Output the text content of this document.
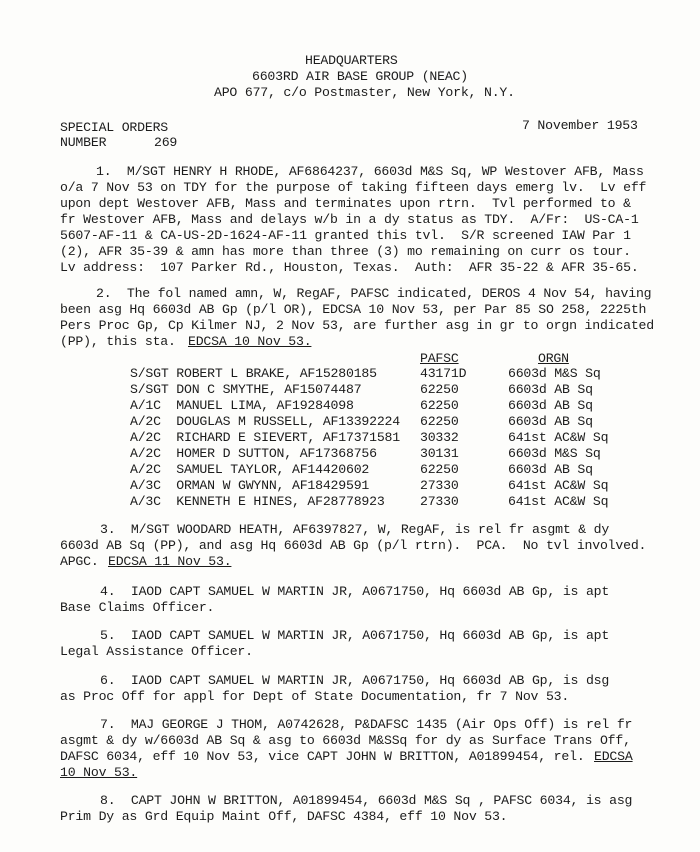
HEADQUARTERS
6603RD AIR BASE GROUP (NEAC)
APO 677, c/o Postmaster, New York, N.Y.
SPECIAL ORDERS	7 November 1953
NUMBER	269
1.  M/SGT HENRY H RHODE, AF6864237, 6603d M&S Sq, WP Westover AFB, Mass
o/a 7 Nov 53 on TDY for the purpose of taking fifteen days emerg lv.  Lv eff
upon dept Westover AFB, Mass and terminates upon rtrn.  Tvl performed to &
fr Westover AFB, Mass and delays w/b in a dy status as TDY.  A/Fr:  US-CA-1
5607-AF-11 & CA-US-2D-1624-AF-11 granted this tvl.  S/R screened IAW Par 1
(2), AFR 35-39 & amn has more than three (3) mo remaining on curr os tour.
Lv address:  107 Parker Rd., Houston, Texas.  Auth:  AFR 35-22 & AFR 35-65.
2.  The fol named amn, W, RegAF, PAFSC indicated, DEROS 4 Nov 54, having
been asg Hq 6603d AB Gp (p/l OR), EDCSA 10 Nov 53, per Par 85 SO 258, 2225th
Pers Proc Gp, Cp Kilmer NJ, 2 Nov 53, are further asg in gr to orgn indicated
(PP), this sta. EDCSA 10 Nov 53.
PAFSC	ORGN
S/SGT ROBERT L BRAKE, AF15280185	43171D	6603d M&S Sq
S/SGT DON C SMYTHE, AF15074487	62250	6603d AB Sq
A/1C  MANUEL LIMA, AF19284098	62250	6603d AB Sq
A/2C  DOUGLAS M RUSSELL, AF13392224 62250	6603d AB Sq
A/2C  RICHARD E SIEVERT, AF17371581 30332	641st AC&W Sq
A/2C  HOMER D SUTTON, AF17368756	30131	6603d M&S Sq
A/2C  SAMUEL TAYLOR, AF14420602	62250	6603d AB Sq
A/3C  ORMAN W GWYNN, AF18429591	27330	641st AC&W Sq
A/3C  KENNETH E HINES, AF28778923	27330	641st AC&W Sq
3.  M/SGT WOODARD HEATH, AF6397827, W, RegAF, is rel fr asgmt & dy
6603d AB Sq (PP), and asg Hq 6603d AB Gp (p/l rtrn).  PCA.  No tvl involved.
APGC. EDCSA 11 Nov 53.
4.  IAOD CAPT SAMUEL W MARTIN JR, A0671750, Hq 6603d AB Gp, is apt
Base Claims Officer.
5.  IAOD CAPT SAMUEL W MARTIN JR, A0671750, Hq 6603d AB Gp, is apt
Legal Assistance Officer.
6.  IAOD CAPT SAMUEL W MARTIN JR, A0671750, Hq 6603d AB Gp, is dsg
as Proc Off for appl for Dept of State Documentation, fr 7 Nov 53.
7.  MAJ GEORGE J THOM, A0742628, P&DAFSC 1435 (Air Ops Off) is rel fr
asgmt & dy w/6603d AB Sq & asg to 6603d M&SSq for dy as Surface Trans Off,
DAFSC 6034, eff 10 Nov 53, vice CAPT JOHN W BRITTON, A01899454, rel. EDCSA
10 Nov 53.
8.  CAPT JOHN W BRITTON, A01899454, 6603d M&S Sq , PAFSC 6034, is asg
Prim Dy as Grd Equip Maint Off, DAFSC 4384, eff 10 Nov 53.
